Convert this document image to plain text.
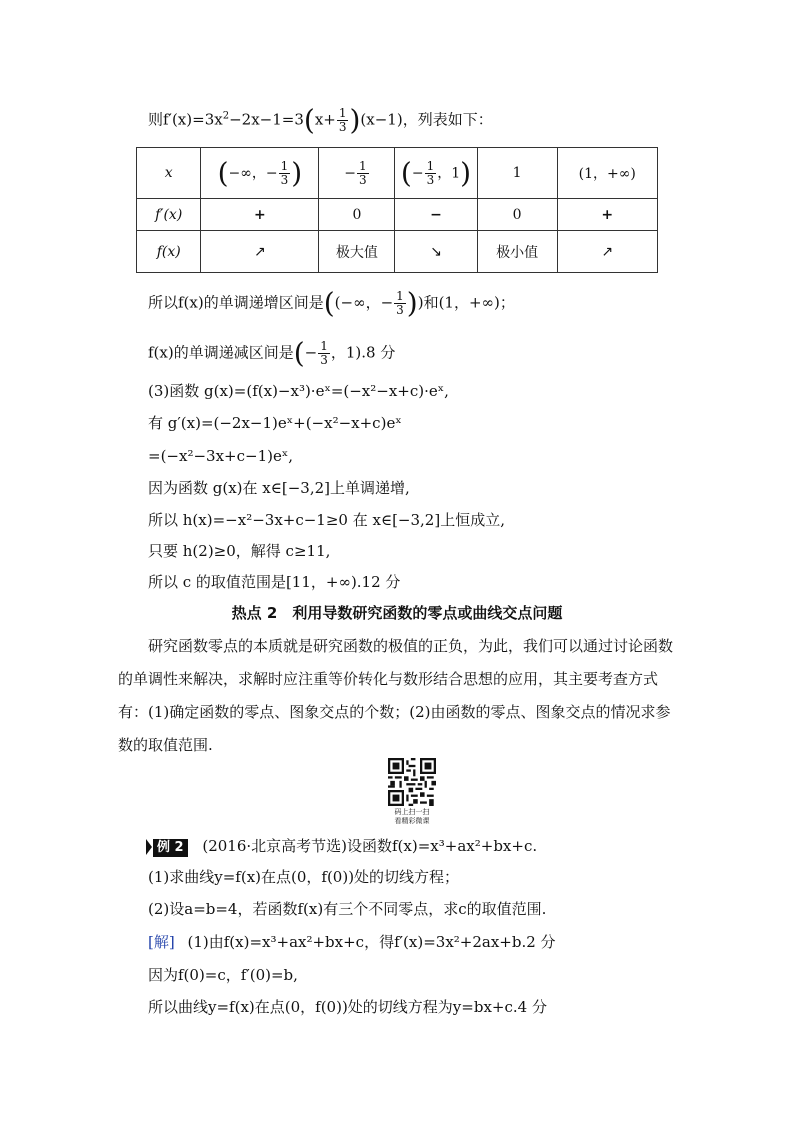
则$f'(x)=3x^2-2x-1=3(x+ \frac{1}{3} )(x-1)$，列表如下：
x	(−∞，− $\frac{1}{3}$ )	− $\frac{1}{3}$	(− $\frac{1}{3}$ ，1)	1	(1，+∞)
f′(x)	+	0	−	0	+
f(x)	↗	极大值	↘	极小值	↗
所以f(x)的单调递增区间是((−∞，− $\frac{1}{3}$ ))和(1，+∞)；
f(x)的单调递减区间是(− $\frac{1}{3}$ ，1).8 分
(3)函数 g(x)=(f(x)−x³)·eˣ=(−x²−x+c)·eˣ,
有 g′(x)=(−2x−1)eˣ+(−x²−x+c)eˣ
=(−x²−3x+c−1)eˣ,
因为函数 g(x)在 x∈[−3,2]上单调递增,
所以 h(x)=−x²−3x+c−1≥0 在 x∈[−3,2]上恒成立,
只要 h(2)≥0，解得 c≥11,
所以 c 的取值范围是[11，+∞).12 分
热点 2　利用导数研究函数的零点或曲线交点问题
研究函数零点的本质就是研究函数的极值的正负，为此，我们可以通过讨论函数的单调性来解决，求解时应注重等价转化与数形结合思想的应用，其主要考查方式有：(1)确定函数的零点、图象交点的个数；(2)由函数的零点、图象交点的情况求参数的取值范围.
码上扫一扫
看精彩微课
例 2 (2016·北京高考节选)设函数f(x)=x³+ax²+bx+c.
(1)求曲线y=f(x)在点(0，f(0))处的切线方程；
(2)设a=b=4，若函数f(x)有三个不同零点，求c的取值范围.
[解] (1)由f(x)=x³+ax²+bx+c，得f′(x)=3x²+2ax+b.2 分
因为f(0)=c，f′(0)=b,
所以曲线y=f(x)在点(0，f(0))处的切线方程为y=bx+c.4 分
